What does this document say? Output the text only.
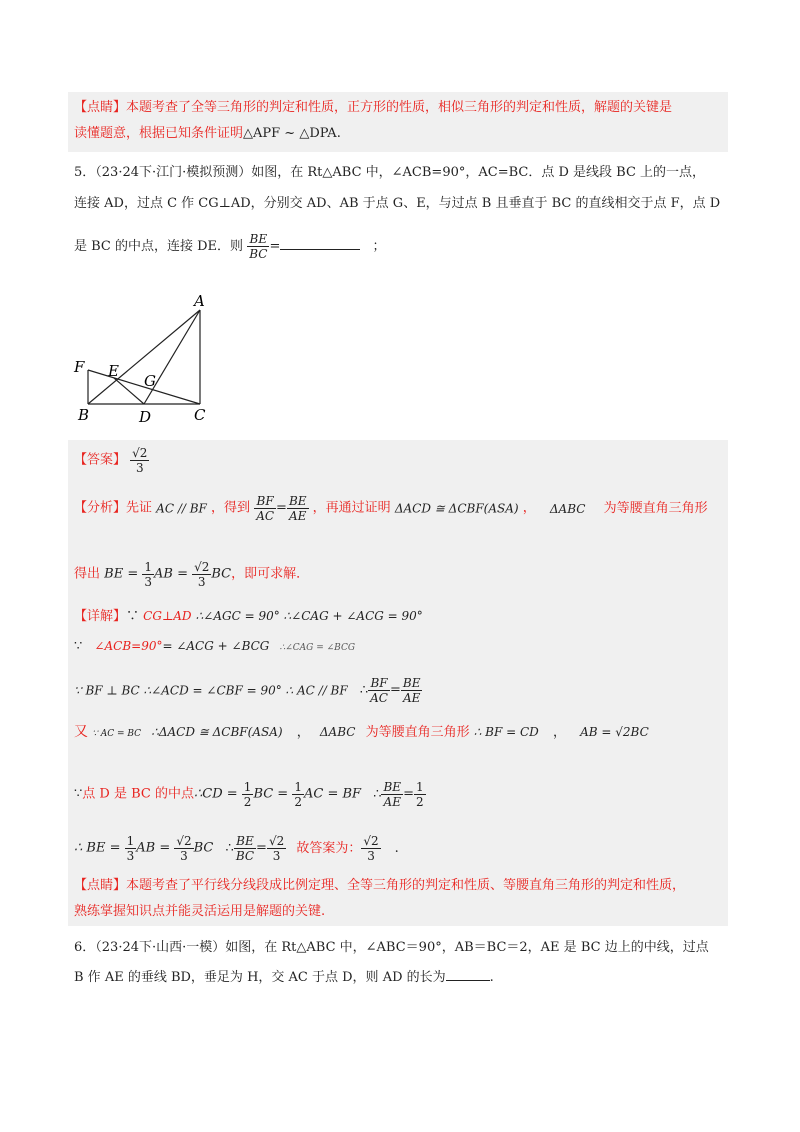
【点睛】本题考查了全等三角形的判定和性质，正方形的性质，相似三角形的判定和性质，解题的关键是
读懂题意，根据已知条件证明△APF ~ △DPA.
5．（23·24下·江门·模拟预测）如图，在 Rt△ABC 中，∠ACB=90°，AC=BC．点 D 是线段 BC 上的一点，
连接 AD，过点 C 作 CG⊥AD，分别交 AD、AB 于点 G、E，与过点 B 且垂直于 BC 的直线相交于点 F，点 D
是 BC 的中点，连接 DE．则 $\frac{BE}{BC}$ =	；
A
B	C
D
E
F
G
【答案】 $\frac{√2}{3}$
【分析】先证 AC // BF ，得到 $\frac{BF}{AC} = \frac{BE}{AE}$ ，再通过证明 ΔACD ≅ ΔCBF(ASA) ， ΔABC 为等腰直角三角形
得出 BE = $\frac{1}{3}$ AB = $\frac{√2}{3}$ BC，即可求解．
【详解】∵ CG⊥AD ∴∠AGC = 90° ∴∠CAG + ∠ACG = 90°
∵ ∠ACB=90°= ∠ACG + ∠BCG ∴∠CAG = ∠BCG
∵ BF ⊥ BC ∴∠ACD = ∠CBF = 90° ∴ AC // BF ∴ $\frac{BF}{AC} = \frac{BE}{AE}$
又 ∵ AC = BC ∴ΔACD ≅ ΔCBF(ASA) ， ΔABC 为等腰直角三角形 ∴ BF = CD ， AB = √2BC
∵点 D 是 BC 的中点∴CD = $\frac{1}{2}$ BC = $\frac{1}{2}$ AC = BF ∴ $\frac{BE}{AE} = \frac{1}{2}$
∴ BE = $\frac{1}{3}$ AB = $\frac{√2}{3}$ BC ∴ $\frac{BE}{BC} = \frac{√2}{3}$ 故答案为： $\frac{√2}{3}$ .
【点睛】本题考查了平行线分线段成比例定理、全等三角形的判定和性质、等腰直角三角形的判定和性质，
熟练掌握知识点并能灵活运用是解题的关键.
6．（23·24下·山西·一模）如图，在 Rt△ABC 中，∠ABC＝90°，AB＝BC＝2，AE 是 BC 边上的中线，过点
B 作 AE 的垂线 BD，垂足为 H，交 AC 于点 D，则 AD 的长为	.
